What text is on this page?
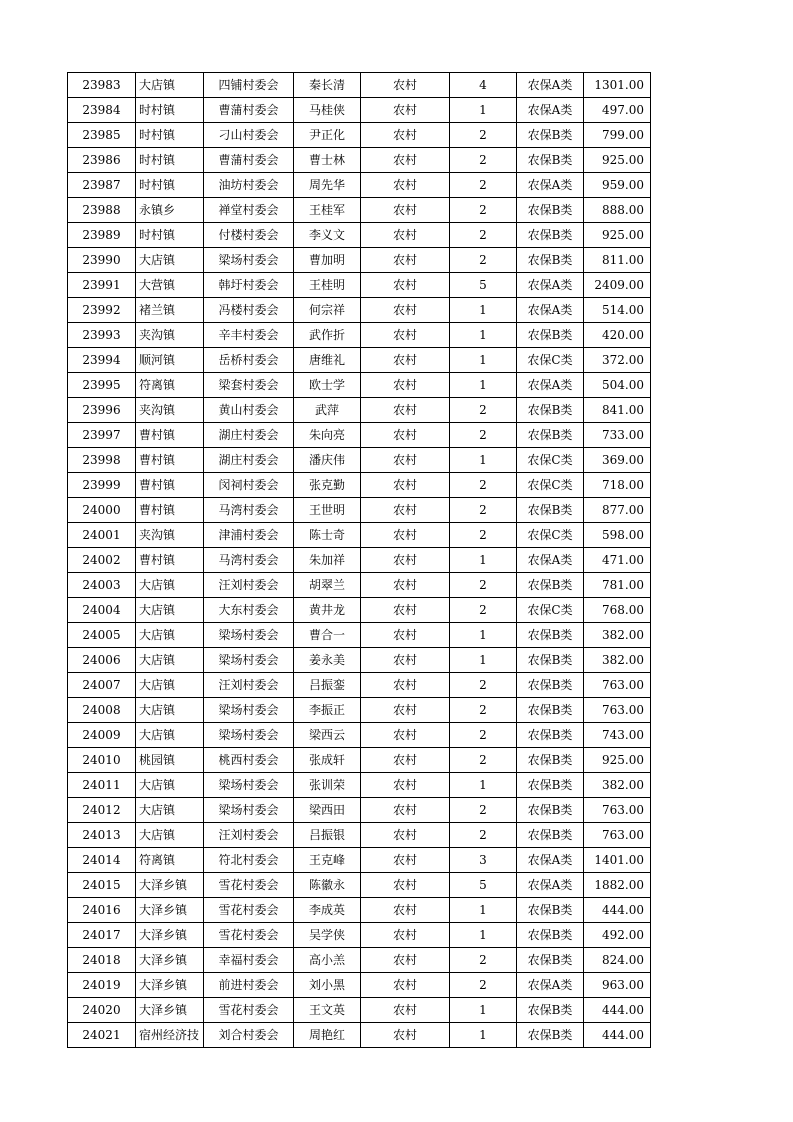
23983	大店镇	四铺村委会	秦长清	农村	4	农保A类	1301.00
23984	时村镇	曹蒲村委会	马桂侠	农村	1	农保A类	497.00
23985	时村镇	刁山村委会	尹正化	农村	2	农保B类	799.00
23986	时村镇	曹蒲村委会	曹士林	农村	2	农保B类	925.00
23987	时村镇	油坊村委会	周先华	农村	2	农保A类	959.00
23988	永镇乡	禅堂村委会	王桂军	农村	2	农保B类	888.00
23989	时村镇	付楼村委会	李义文	农村	2	农保B类	925.00
23990	大店镇	梁场村委会	曹加明	农村	2	农保B类	811.00
23991	大营镇	韩圩村委会	王桂明	农村	5	农保A类	2409.00
23992	褚兰镇	冯楼村委会	何宗祥	农村	1	农保A类	514.00
23993	夹沟镇	辛丰村委会	武作折	农村	1	农保B类	420.00
23994	顺河镇	岳桥村委会	唐维礼	农村	1	农保C类	372.00
23995	符离镇	梁套村委会	欧士学	农村	1	农保A类	504.00
23996	夹沟镇	黄山村委会	武萍	农村	2	农保B类	841.00
23997	曹村镇	湖庄村委会	朱向亮	农村	2	农保B类	733.00
23998	曹村镇	湖庄村委会	潘庆伟	农村	1	农保C类	369.00
23999	曹村镇	闵祠村委会	张克勤	农村	2	农保C类	718.00
24000	曹村镇	马湾村委会	王世明	农村	2	农保B类	877.00
24001	夹沟镇	津浦村委会	陈士奇	农村	2	农保C类	598.00
24002	曹村镇	马湾村委会	朱加祥	农村	1	农保A类	471.00
24003	大店镇	汪刘村委会	胡翠兰	农村	2	农保B类	781.00
24004	大店镇	大东村委会	黄井龙	农村	2	农保C类	768.00
24005	大店镇	梁场村委会	曹合一	农村	1	农保B类	382.00
24006	大店镇	梁场村委会	姜永美	农村	1	农保B类	382.00
24007	大店镇	汪刘村委会	吕振銮	农村	2	农保B类	763.00
24008	大店镇	梁场村委会	李振正	农村	2	农保B类	763.00
24009	大店镇	梁场村委会	梁西云	农村	2	农保B类	743.00
24010	桃园镇	桃西村委会	张成轩	农村	2	农保B类	925.00
24011	大店镇	梁场村委会	张训荣	农村	1	农保B类	382.00
24012	大店镇	梁场村委会	梁西田	农村	2	农保B类	763.00
24013	大店镇	汪刘村委会	吕振银	农村	2	农保B类	763.00
24014	符离镇	符北村委会	王克峰	农村	3	农保A类	1401.00
24015	大泽乡镇	雪花村委会	陈徽永	农村	5	农保A类	1882.00
24016	大泽乡镇	雪花村委会	李成英	农村	1	农保B类	444.00
24017	大泽乡镇	雪花村委会	吴学侠	农村	1	农保B类	492.00
24018	大泽乡镇	幸福村委会	高小羔	农村	2	农保B类	824.00
24019	大泽乡镇	前进村委会	刘小黑	农村	2	农保A类	963.00
24020	大泽乡镇	雪花村委会	王文英	农村	1	农保B类	444.00
24021	宿州经济技	刘合村委会	周艳红	农村	1	农保B类	444.00
